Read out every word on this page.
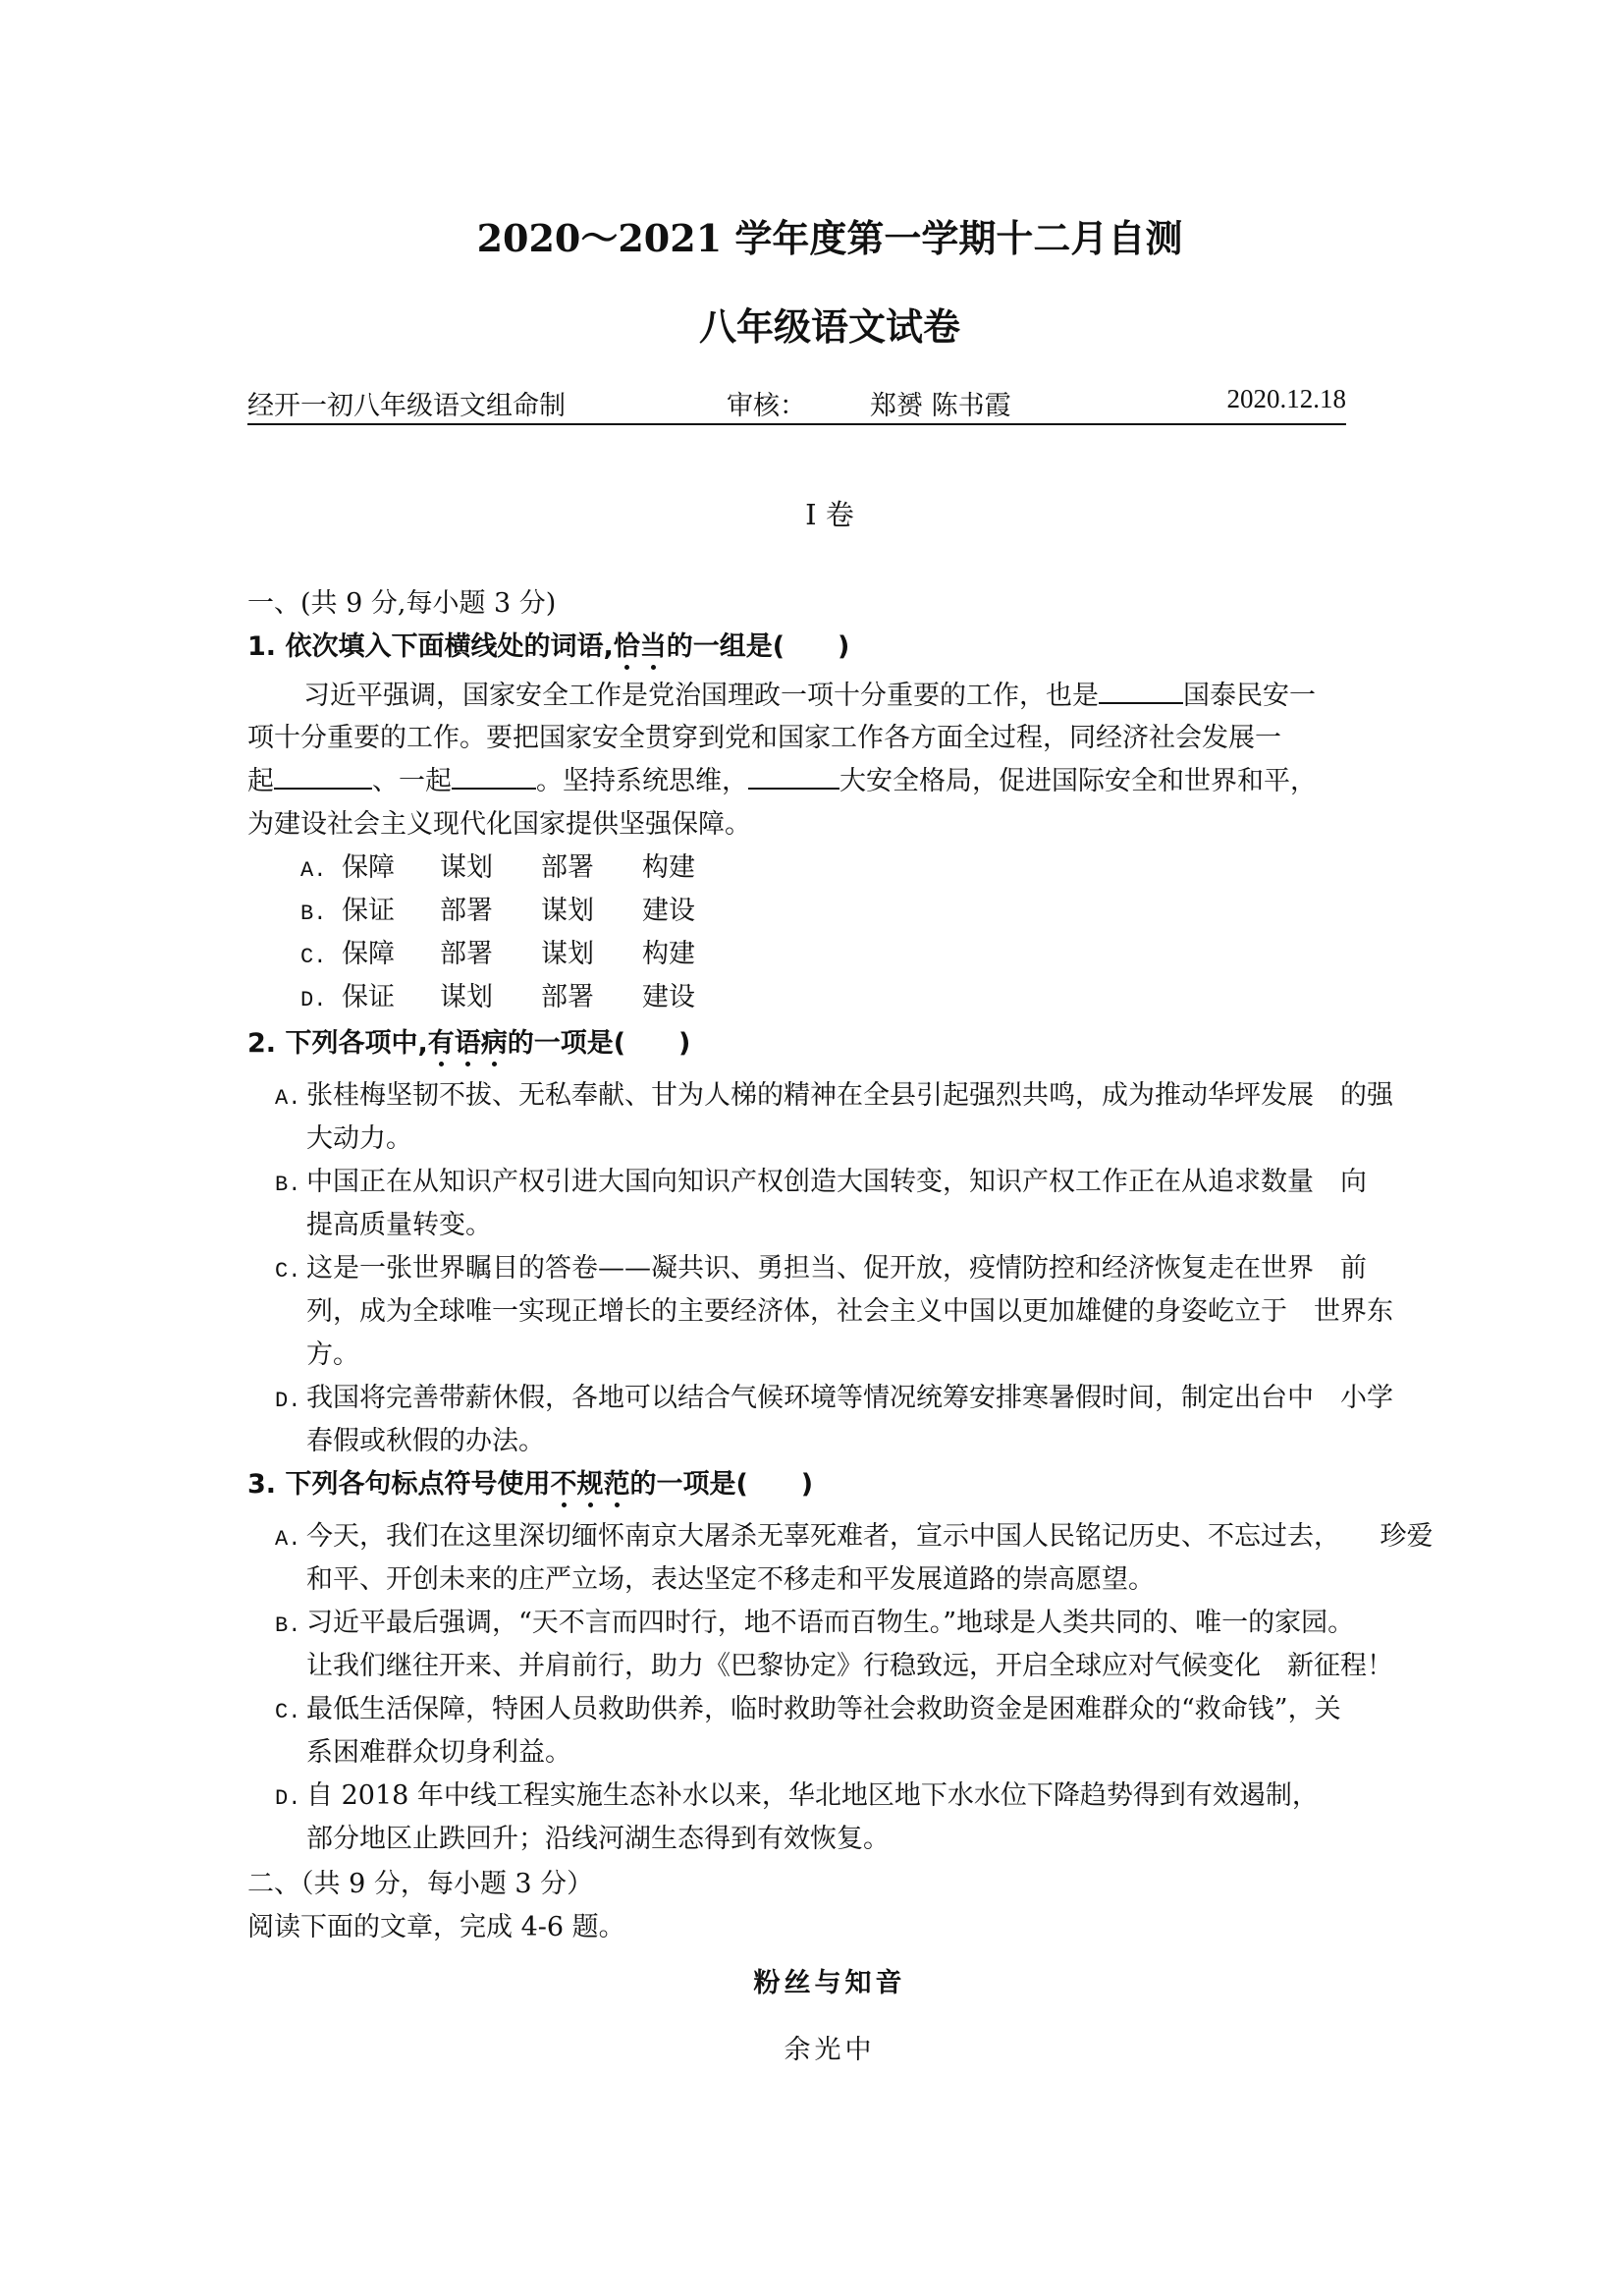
2020～2021 学年度第一学期十二月自测
八年级语文试卷
经开一初八年级语文组命制	审核： 郑赟 陈书霞	2020.12.18
I 卷
一、(共 9 分,每小题 3 分)
1. 依次填入下面横线处的词语,恰当的一组是(　　)
习近平强调，国家安全工作是党治国理政一项十分重要的工作，也是	国泰民安一
项十分重要的工作。要把国家安全贯穿到党和国家工作各方面全过程，同经济社会发展一
起	、一起	。坚持系统思维，	大安全格局，促进国际安全和世界和平，
为建设社会主义现代化国家提供坚强保障。
A. 保障 谋划 部署 构建
B. 保证 部署 谋划 建设
C. 保障 部署 谋划 构建
D. 保证 谋划 部署 建设
2. 下列各项中,有语病的一项是(　　)
A. 张桂梅坚韧不拔、无私奉献、甘为人梯的精神在全县引起强烈共鸣，成为推动华坪发展　的强
大动力。
B. 中国正在从知识产权引进大国向知识产权创造大国转变，知识产权工作正在从追求数量　向
提高质量转变。
C. 这是一张世界瞩目的答卷——凝共识、勇担当、促开放，疫情防控和经济恢复走在世界　前
列，成为全球唯一实现正增长的主要经济体，社会主义中国以更加雄健的身姿屹立于　世界东
方。
D. 我国将完善带薪休假，各地可以结合气候环境等情况统筹安排寒暑假时间，制定出台中　小学
春假或秋假的办法。
3. 下列各句标点符号使用不规范的一项是(　　)
A. 今天，我们在这里深切缅怀南京大屠杀无辜死难者，宣示中国人民铭记历史、不忘过去，　　珍爱
和平、开创未来的庄严立场，表达坚定不移走和平发展道路的崇高愿望。
B. 习近平最后强调，“天不言而四时行，地不语而百物生。”地球是人类共同的、唯一的家园。
让我们继往开来、并肩前行，助力《巴黎协定》行稳致远，开启全球应对气候变化　新征程！
C. 最低生活保障，特困人员救助供养，临时救助等社会救助资金是困难群众的“救命钱”，关
系困难群众切身利益。
D. 自 2018 年中线工程实施生态补水以来，华北地区地下水水位下降趋势得到有效遏制，
部分地区止跌回升；沿线河湖生态得到有效恢复。
二、（共 9 分，每小题 3 分）
阅读下面的文章，完成 4-6 题。
粉丝与知音
余光中
